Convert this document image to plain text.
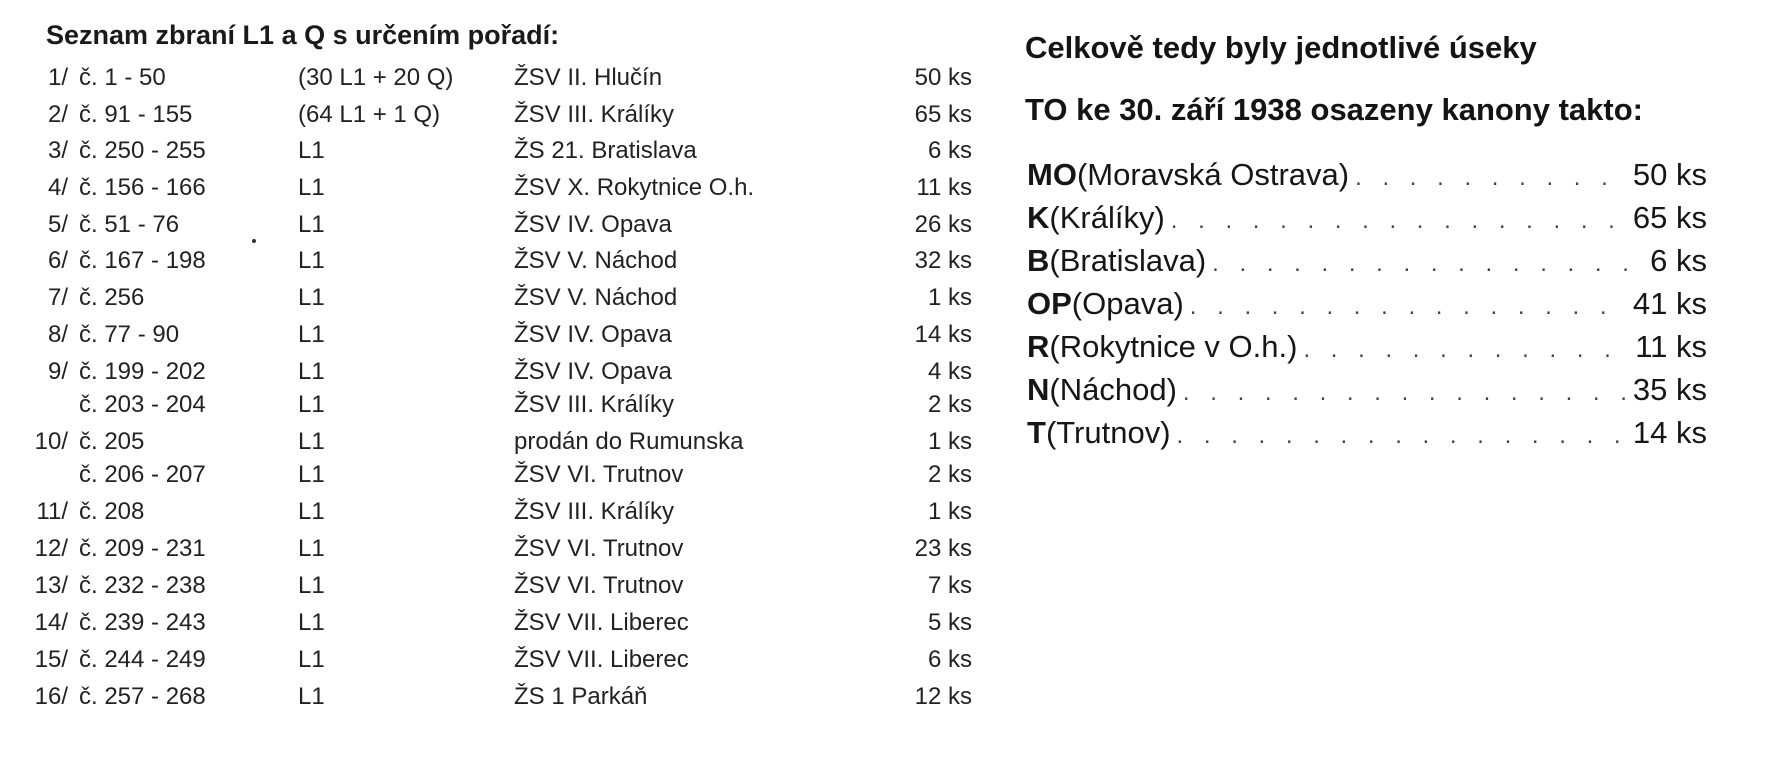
Seznam zbraní L1 a Q s určením pořadí:
1/ č. 1 - 50	(30 L1 + 20 Q)	ŽSV II. Hlučín	50 ks
2/ č. 91 - 155	(64 L1 + 1 Q)	ŽSV III. Králíky	65 ks
3/ č. 250 - 255	L1	ŽS 21. Bratislava	6 ks
4/ č. 156 - 166	L1	ŽSV X. Rokytnice O.h.	11 ks
5/ č. 51 - 76	L1	ŽSV IV. Opava	26 ks
6/ č. 167 - 198	L1	ŽSV V. Náchod	32 ks
7/ č. 256	L1	ŽSV V. Náchod	1 ks
8/ č. 77 - 90	L1	ŽSV IV. Opava	14 ks
9/ č. 199 - 202	L1	ŽSV IV. Opava	4 ks
č. 203 - 204	L1	ŽSV III. Králíky	2 ks
10/ č. 205	L1	prodán do Rumunska	1 ks
č. 206 - 207	L1	ŽSV VI. Trutnov	2 ks
11/ č. 208	L1	ŽSV III. Králíky	1 ks
12/ č. 209 - 231	L1	ŽSV VI. Trutnov	23 ks
13/ č. 232 - 238	L1	ŽSV VI. Trutnov	7 ks
14/ č. 239 - 243	L1	ŽSV VII. Liberec	5 ks
15/ č. 244 - 249	L1	ŽSV VII. Liberec	6 ks
16/ č. 257 - 268	L1	ŽS 1 Parkáň	12 ks
Celkově tedy byly jednotlivé úseky
TO ke 30. září 1938 osazeny kanony takto:
MO (Moravská Ostrava) . . .	50 ks
K (Králíky) . . .	65 ks
B (Bratislava) . . .	6 ks
OP (Opava) . . .	41 ks
R (Rokytnice v O.h.) . . .	11 ks
N (Náchod) . . .	35 ks
T (Trutnov) . . .	14 ks
